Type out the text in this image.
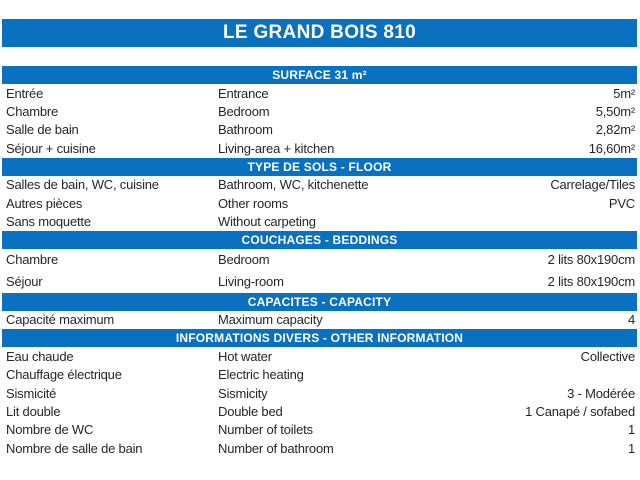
LE GRAND BOIS 810
SURFACE 31 m²
Entrée	Entrance	5m²
Chambre	Bedroom	5,50m²
Salle de bain	Bathroom	2,82m²
Séjour + cuisine	Living-area + kitchen	16,60m²
TYPE DE SOLS - FLOOR
Salles de bain, WC, cuisine	Bathroom, WC, kitchenette	Carrelage/Tiles
Autres pièces	Other rooms	PVC
Sans moquette	Without carpeting
COUCHAGES - BEDDINGS
Chambre	Bedroom	2 lits 80x190cm
Séjour	Living-room	2 lits 80x190cm
CAPACITES - CAPACITY
Capacité maximum	Maximum capacity	4
INFORMATIONS DIVERS - OTHER INFORMATION
Eau chaude	Hot water	Collective
Chauffage électrique	Electric heating
Sismicité	Sismicity	3 - Modérée
Lit double	Double bed	1 Canapé / sofabed
Nombre de WC	Number of toilets	1
Nombre de salle de bain	Number of bathroom	1
